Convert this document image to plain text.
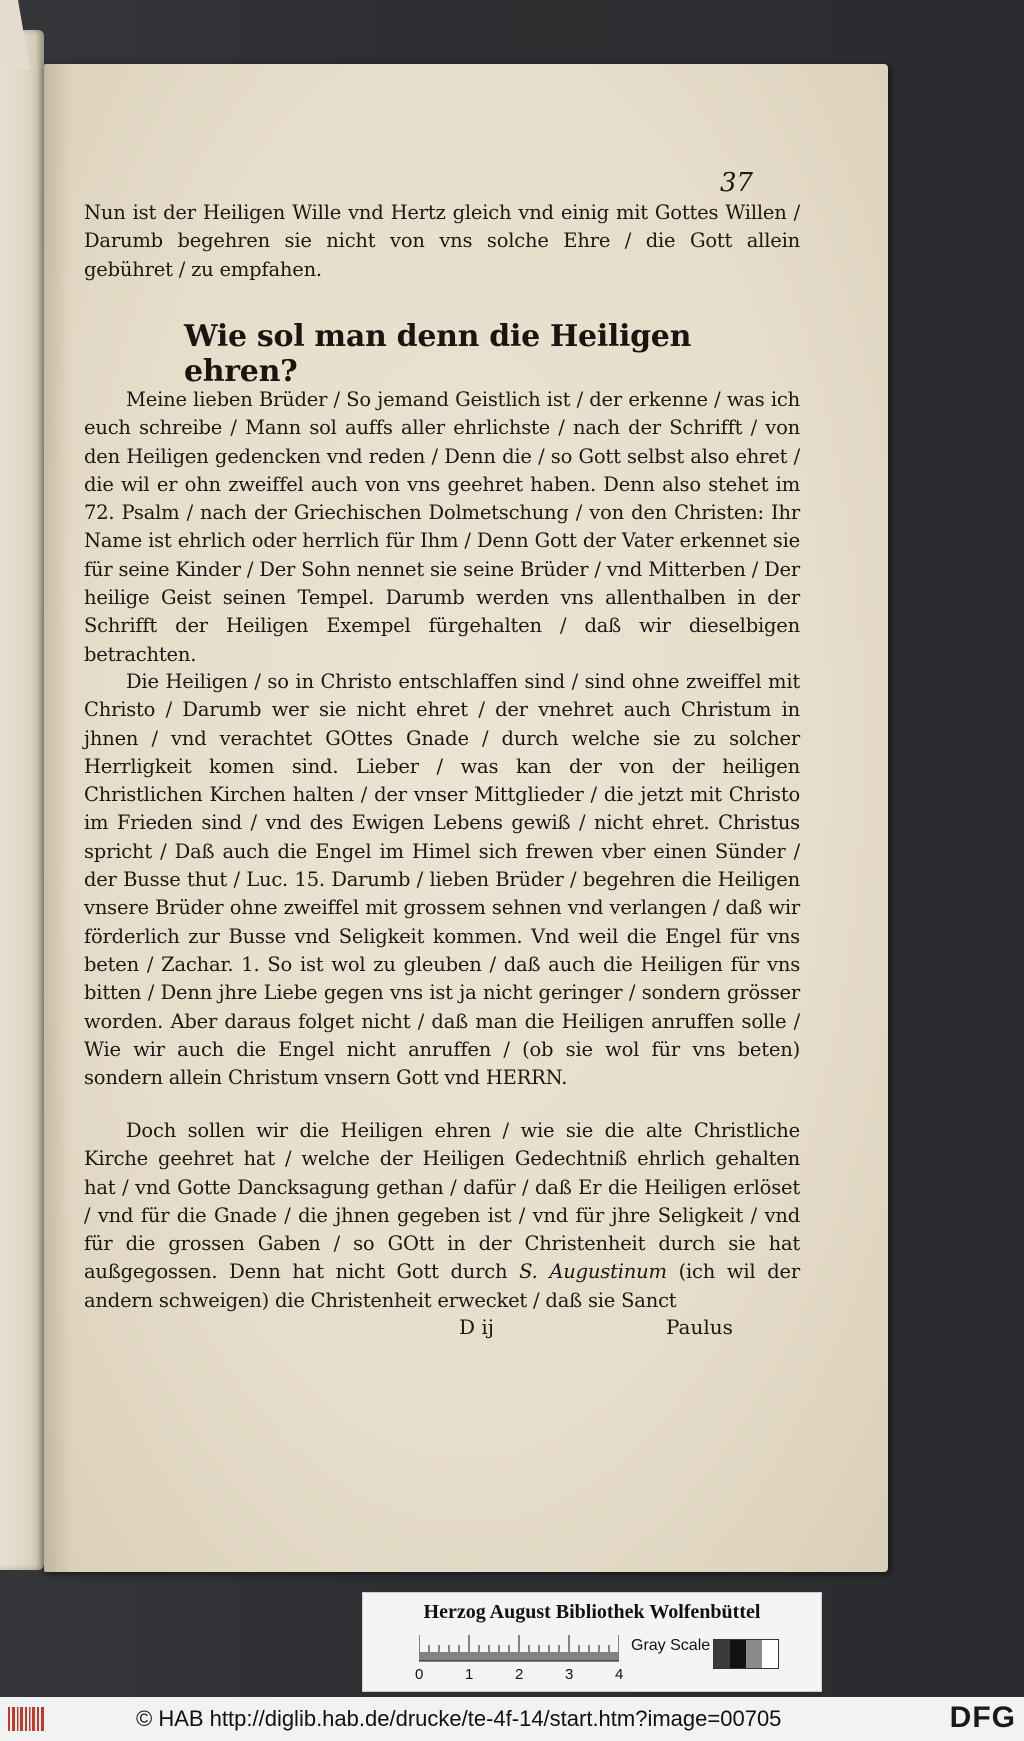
37
Nun ist der Heiligen Wille vnd Hertz gleich vnd einig mit Gottes Willen / Darumb begehren sie nicht von vns solche Ehre / die Gott allein gebühret / zu empfahen.
Wie sol man denn die Heiligen ehren?
Meine lieben Brüder / So jemand Geistlich ist / der erkenne / was ich euch schreibe / Mann sol auffs aller ehrlichste / nach der Schrifft / von den Heiligen gedencken vnd reden / Denn die / so Gott selbst also ehret / die wil er ohn zweiffel auch von vns geehret haben. Denn also stehet im 72. Psalm / nach der Griechischen Dolmetschung / von den Christen: Ihr Name ist ehrlich oder herrlich für Ihm / Denn Gott der Vater erkennet sie für seine Kinder / Der Sohn nennet sie seine Brüder / vnd Mitterben / Der heilige Geist seinen Tempel. Darumb werden vns allenthalben in der Schrifft der Heiligen Exempel fürgehalten / daß wir dieselbigen betrachten.
Die Heiligen / so in Christo entschlaffen sind / sind ohne zweiffel mit Christo / Darumb wer sie nicht ehret / der vnehret auch Christum in jhnen / vnd verachtet GOttes Gnade / durch welche sie zu solcher Herrligkeit komen sind. Lieber / was kan der von der heiligen Christlichen Kirchen halten / der vnser Mittglieder / die jetzt mit Christo im Frieden sind / vnd des Ewigen Lebens gewiß / nicht ehret. Christus spricht / Daß auch die Engel im Himel sich frewen vber einen Sünder / der Busse thut / Luc. 15. Darumb / lieben Brüder / begehren die Heiligen vnsere Brüder ohne zweiffel mit grossem sehnen vnd verlangen / daß wir förderlich zur Busse vnd Seligkeit kommen. Vnd weil die Engel für vns beten / Zachar. 1. So ist wol zu gleuben / daß auch die Heiligen für vns bitten / Denn jhre Liebe gegen vns ist ja nicht geringer / sondern grösser worden. Aber daraus folget nicht / daß man die Heiligen anruffen solle / Wie wir auch die Engel nicht anruffen / (ob sie wol für vns beten) sondern allein Christum vnsern Gott vnd HERRN.
Doch sollen wir die Heiligen ehren / wie sie die alte Christliche Kirche geehret hat / welche der Heiligen Gedechtniß ehrlich gehalten hat / vnd Gotte Dancksagung gethan / dafür / daß Er die Heiligen erlöset / vnd für die Gnade / die jhnen gegeben ist / vnd für jhre Seligkeit / vnd für die grossen Gaben / so GOtt in der Christenheit durch sie hat außgegossen. Denn hat nicht Gott durch S. Augustinum (ich wil der andern schweigen) die Christenheit erwecket / daß sie Sanct
D ij	Paulus
Herzog August Bibliothek Wolfenbüttel
0	1	2	3	4
Gray Scale
© HAB http://diglib.hab.de/drucke/te-4f-14/start.htm?image=00705	DFG
